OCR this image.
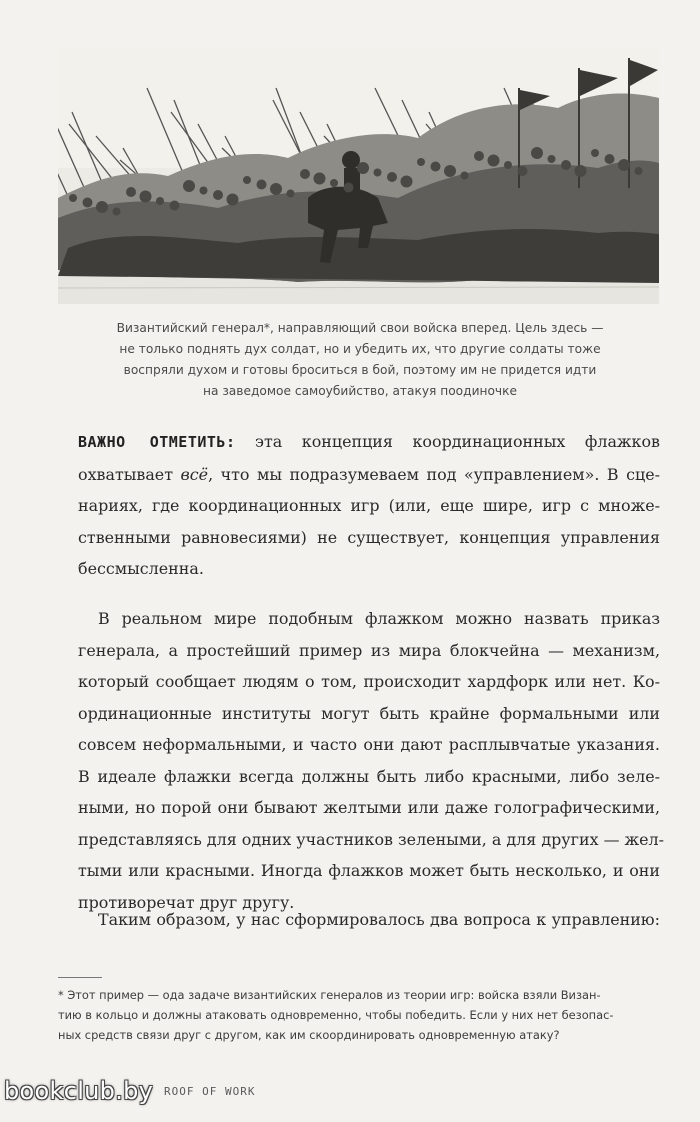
Византийский генерал*, направляющий свои войска вперед. Цель здесь —
не только поднять дух солдат, но и убедить их, что другие солдаты тоже
воспряли духом и готовы броситься в бой, поэтому им не придется идти
на заведомое самоубийство, атакуя поодиночке
ВАЖНО ОТМЕТИТЬ: эта концепция координационных флажков
охватывает всё, что мы подразумеваем под «управлением». В сце-
нариях, где координационных игр (или, еще шире, игр с множе-
ственными равновесиями) не существует, концепция управления
бессмысленна.
В реальном мире подобным флажком можно назвать приказ
генерала, а простейший пример из мира блокчейна — механизм,
который сообщает людям о том, происходит хардфорк или нет. Ко-
ординационные институты могут быть крайне формальными или
совсем неформальными, и часто они дают расплывчатые указания.
В идеале флажки всегда должны быть либо красными, либо зеле-
ными, но порой они бывают желтыми или даже голографическими,
представляясь для одних участников зелеными, а для других — жел-
тыми или красными. Иногда флажков может быть несколько, и они
противоречат друг другу.
Таким образом, у нас сформировалось два вопроса к управлению:
* Этот пример — ода задаче византийских генералов из теории игр: войска взяли Визан-
тию в кольцо и должны атаковать одновременно, чтобы победить. Если у них нет безопас-
ных средств связи друг с другом, как им скоординировать одновременную атаку?
ROOF OF WORK
bookclub.by
